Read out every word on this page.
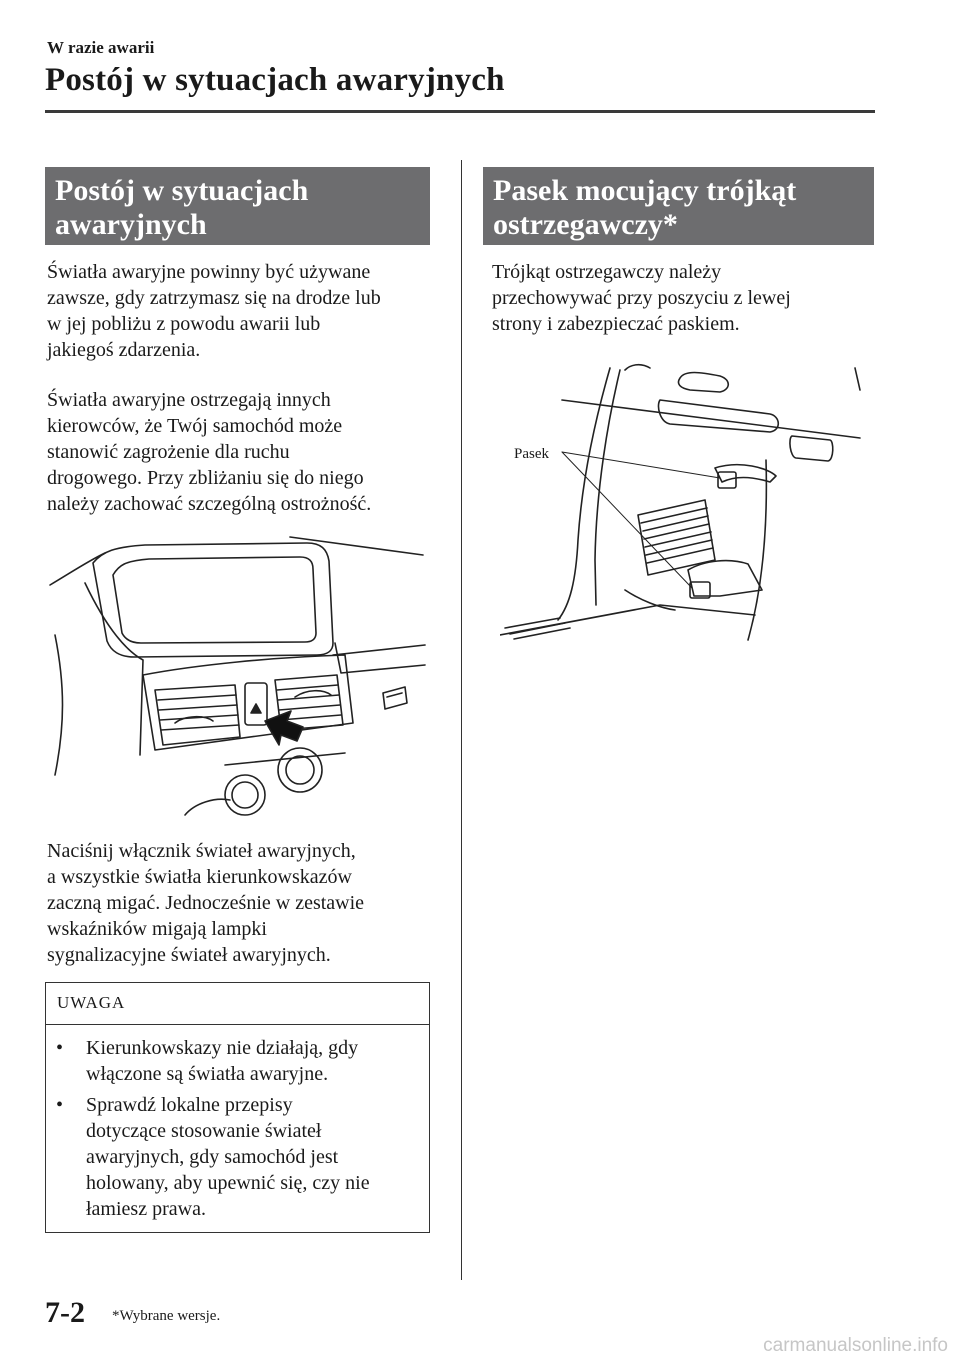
W razie awarii
Postój w sytuacjach awaryjnych
Postój w sytuacjach
awaryjnych
Światła awaryjne powinny być używane
zawsze, gdy zatrzymasz się na drodze lub
w jej pobliżu z powodu awarii lub
jakiegoś zdarzenia.
Światła awaryjne ostrzegają innych
kierowców, że Twój samochód może
stanowić zagrożenie dla ruchu
drogowego. Przy zbliżaniu się do niego
należy zachować szczególną ostrożność.
Naciśnij włącznik świateł awaryjnych,
a wszystkie światła kierunkowskazów
zaczną migać. Jednocześnie w zestawie
wskaźników migają lampki
sygnalizacyjne świateł awaryjnych.
UWAGA
•	Kierunkowskazy nie działają, gdy
włączone są światła awaryjne.
•	Sprawdź lokalne przepisy
dotyczące stosowanie świateł
awaryjnych, gdy samochód jest
holowany, aby upewnić się, czy nie
łamiesz prawa.
Pasek mocujący trójkąt
ostrzegawczy*
Trójkąt ostrzegawczy należy
przechowywać przy poszyciu z lewej
strony i zabezpieczać paskiem.
Pasek
7-2 *Wybrane wersje.
carmanualsonline.info
